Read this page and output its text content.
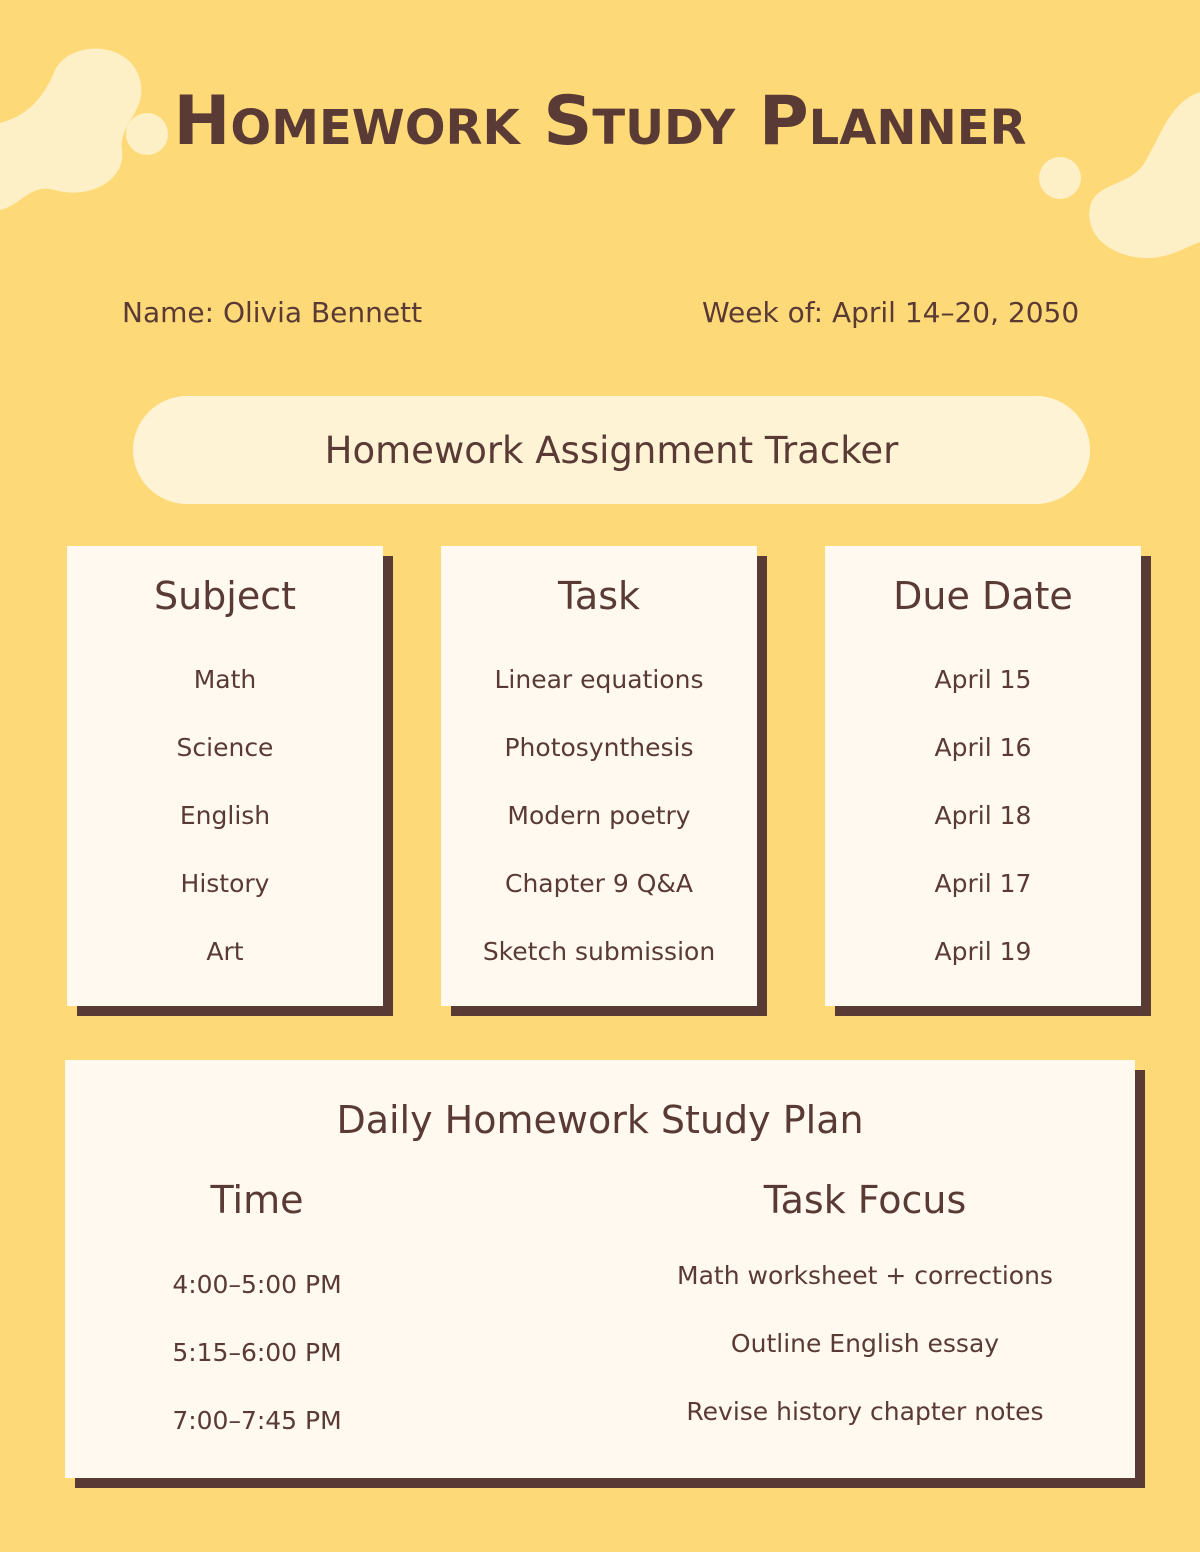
Homework Study Planner
Name: Olivia Bennett	Week of: April 14–20, 2050
Homework Assignment Tracker
Subject
Math
Science
English
History
Art
Task
Linear equations
Photosynthesis
Modern poetry
Chapter 9 Q&A
Sketch submission
Due Date
April 15
April 16
April 18
April 17
April 19
Daily Homework Study Plan
Time	Task Focus
4:00–5:00 PM
5:15–6:00 PM
7:00–7:45 PM
Math worksheet + corrections
Outline English essay
Revise history chapter notes
